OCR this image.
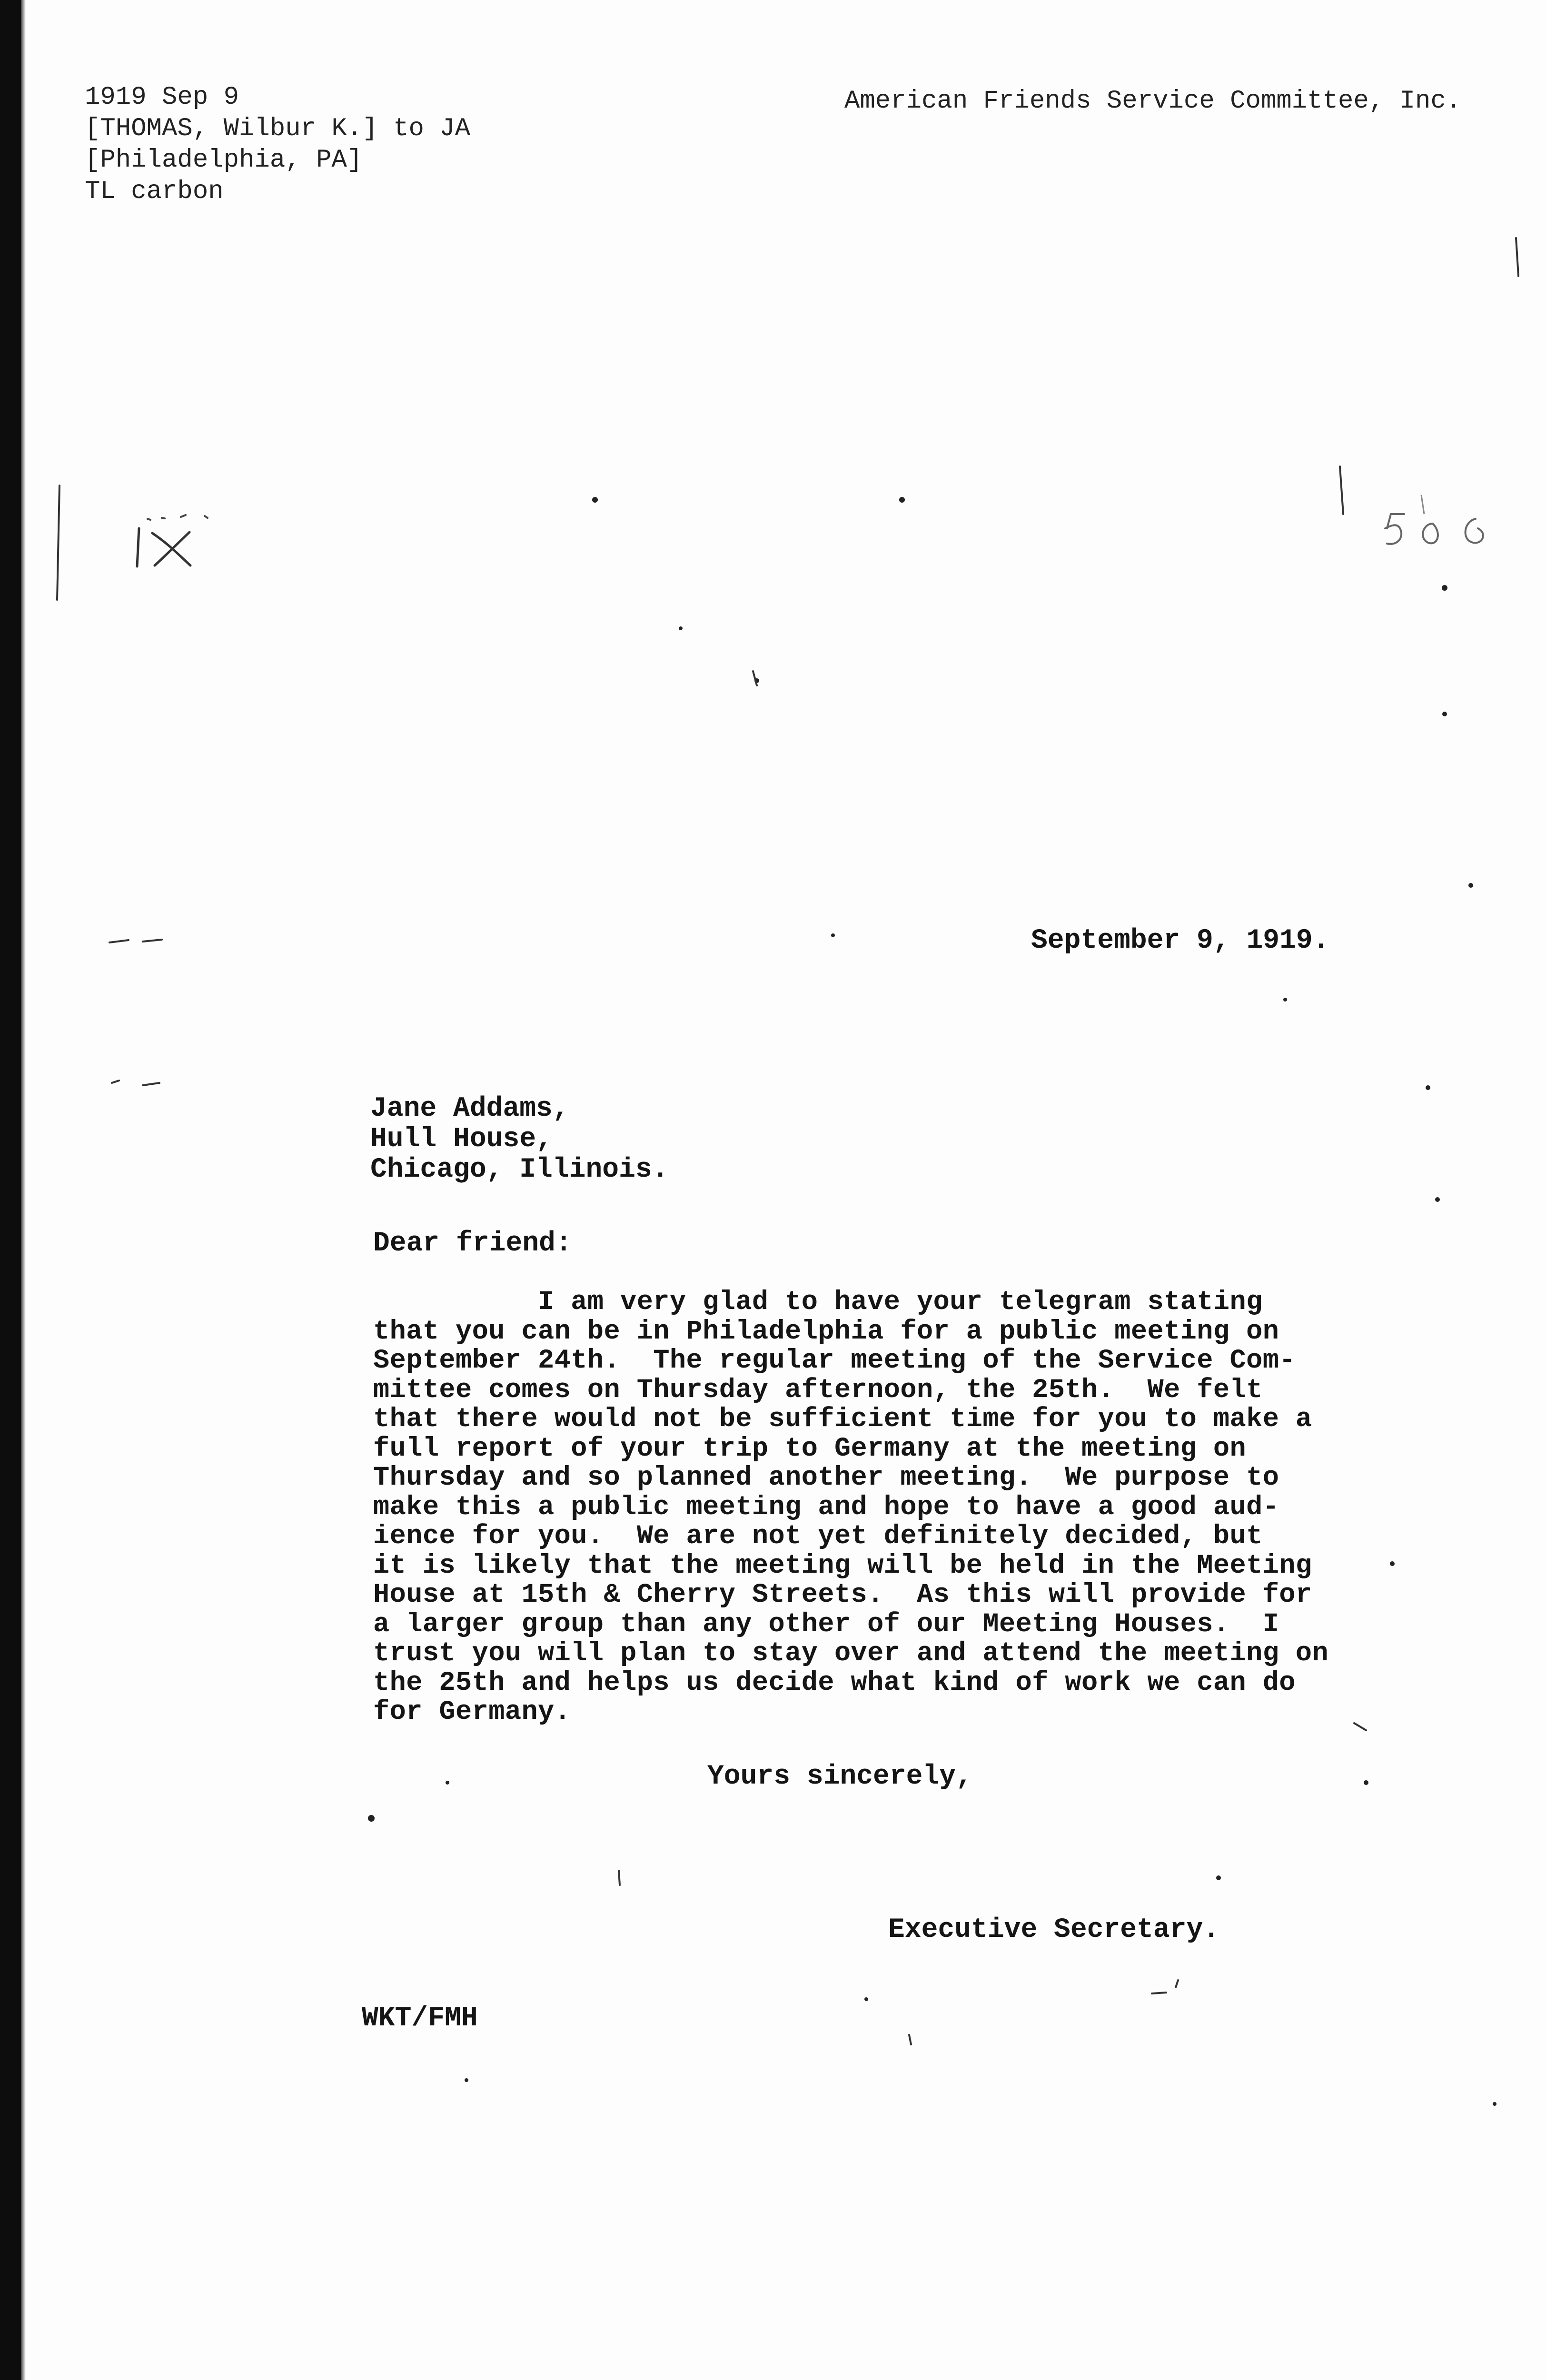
1919 Sep 9
[THOMAS, Wilbur K.] to JA
[Philadelphia, PA]
TL carbon
American Friends Service Committee, Inc.
September 9, 1919.
Jane Addams,
Hull House,
Chicago, Illinois.
Dear friend:
I am very glad to have your telegram stating
that you can be in Philadelphia for a public meeting on
September 24th.  The regular meeting of the Service Com-
mittee comes on Thursday afternoon, the 25th.  We felt
that there would not be sufficient time for you to make a
full report of your trip to Germany at the meeting on
Thursday and so planned another meeting.  We purpose to
make this a public meeting and hope to have a good aud-
ience for you.  We are not yet definitely decided, but
it is likely that the meeting will be held in the Meeting
House at 15th & Cherry Streets.  As this will provide for
a larger group than any other of our Meeting Houses.  I
trust you will plan to stay over and attend the meeting on
the 25th and helps us decide what kind of work we can do
for Germany.
Yours sincerely,
Executive Secretary.
WKT/FMH
